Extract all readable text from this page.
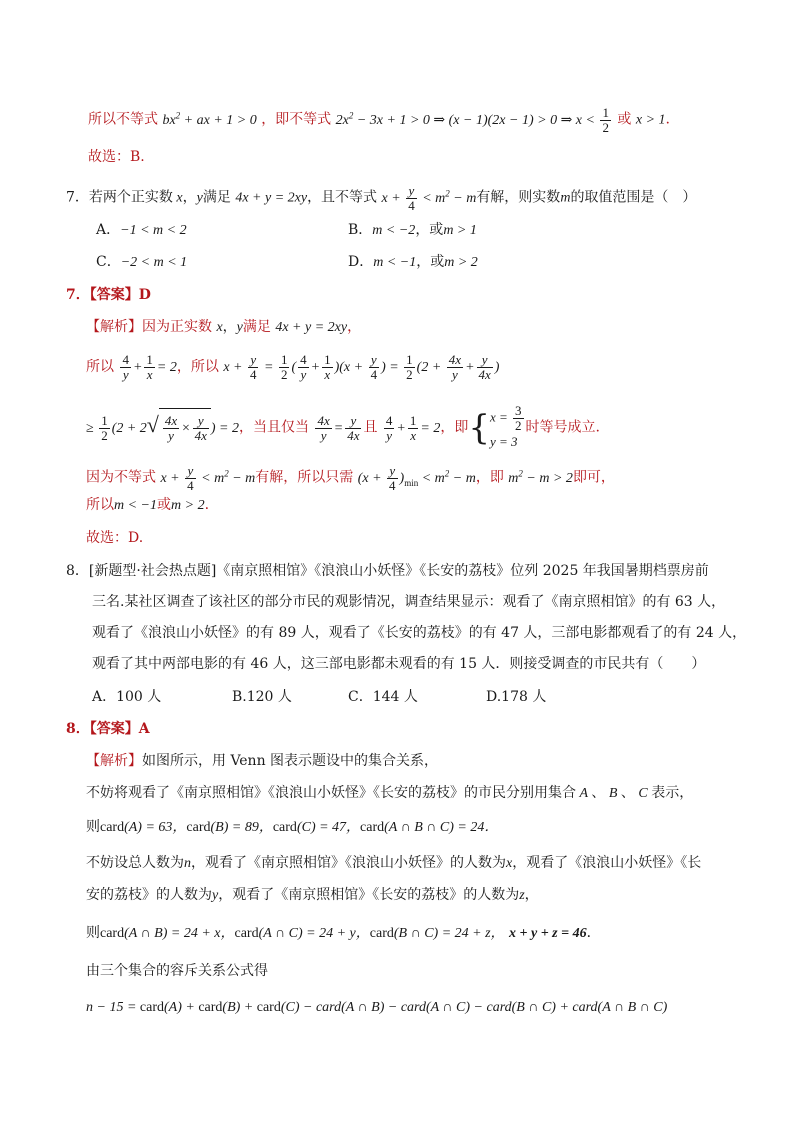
所以不等式 $bx^2$ + ax + 1 > 0 ，即不等式 $2x^2 - 3x + 1 > 0$ ⇒ (x − 1)(2x − 1) > 0 ⇒ $x < \frac{1}{2}$ 或 x > 1.
故选：B.
7．若两个正实数 x，y满足 4x + y = 2xy，且不等式 $x + \frac{y}{4} < m^2 - m$有解，则实数m的取值范围是（　）
A．−1 < m < 2	B．m < −2，或m > 1
C．−2 < m < 1	D．m < −1，或m > 2
7．【答案】D
【解析】因为正实数 x，y满足 4x + y = 2xy，
所以 $\frac{4}{y} + \frac{1}{x} = 2$，所以 $x + \frac{y}{4} = \frac{1}{2}$ ( $\frac{4}{y} + \frac{1}{x} )(x + \frac{y}{4}$ ) = $\frac{1}{2} (2 + \frac{4x}{y} + \frac{y}{4x}$ )
≥ $\frac{1}{2} (2 + 2√ \frac{4x}{y} \times \frac{y}{4x}$ ) = 2，当且仅当 $\frac{4x}{y} = \frac{y}{4x}$ 且 $\frac{4}{y} + \frac{1}{x} = 2$，即{$x = \frac{3}{2}$

y = 3时等号成立.
因为不等式 $x + \frac{y}{4} < m^2 - m$有解，所以只需 $(x + \frac{y}{4} )_{min} < m^2 - m$，即 $m^2 - m > 2$即可，
所以m < −1或m > 2.
故选：D.
8．[新题型·社会热点题]《南京照相馆》《浪浪山小妖怪》《长安的荔枝》位列 2025 年我国暑期档票房前
三名.某社区调查了该社区的部分市民的观影情况，调查结果显示：观看了《南京照相馆》的有 63 人，
观看了《浪浪山小妖怪》的有 89 人，观看了《长安的荔枝》的有 47 人，三部电影都观看了的有 24 人，
观看了其中两部电影的有 46 人，这三部电影都未观看的有 15 人．则接受调查的市民共有（　　）
A．100 人	B.120 人	C．144 人	D.178 人
8．【答案】A
【解析】如图所示，用 Venn 图表示题设中的集合关系，
不妨将观看了《南京照相馆》《浪浪山小妖怪》《长安的荔枝》的市民分别用集合 A 、 B 、 C 表示，
则card(A) = 63，card(B) = 89，card(C) = 47，card(A ∩ B ∩ C) = 24．
不妨设总人数为n，观看了《南京照相馆》《浪浪山小妖怪》的人数为x，观看了《浪浪山小妖怪》《长
安的荔枝》的人数为y，观看了《南京照相馆》《长安的荔枝》的人数为z，
则card(A ∩ B) = 24 + x，card(A ∩ C) = 24 + y，card(B ∩ C) = 24 + z， x + y + z = 46．
由三个集合的容斥关系公式得
n − 15 = card(A) + card(B) + card(C) − card(A ∩ B) − card(A ∩ C) − card(B ∩ C) + card(A ∩ B ∩ C)
